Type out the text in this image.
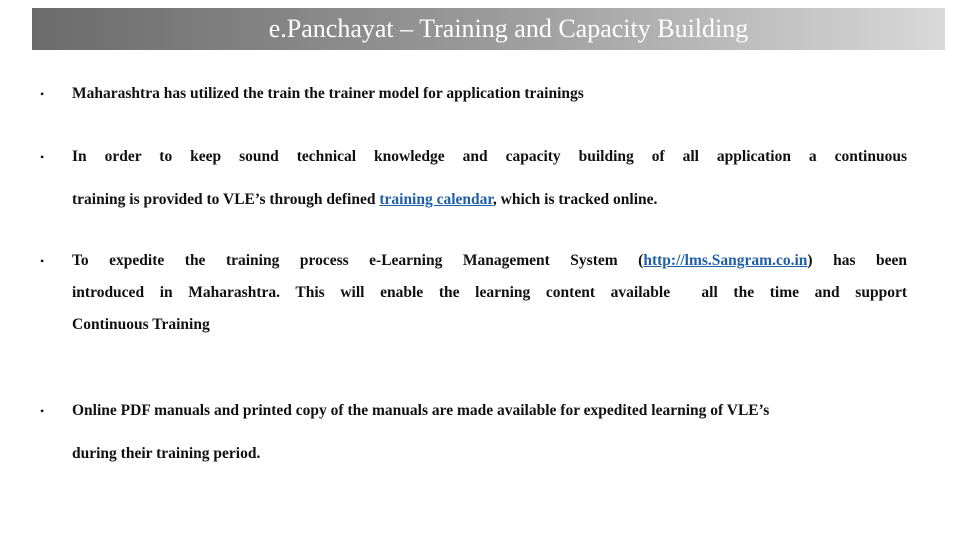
e.Panchayat – Training and Capacity Building
• Maharashtra has utilized the train the trainer model for application trainings
• In order to keep sound technical knowledge and capacity building of all application a continuous
training is provided to VLE’s through defined training calendar, which is tracked online.
• To expedite the training process e-Learning Management System (http://lms.Sangram.co.in) has been
introduced in Maharashtra. This will enable the learning content available  all the time and support
Continuous Training
• Online PDF manuals and printed copy of the manuals are made available for expedited learning of VLE’s
during their training period.
